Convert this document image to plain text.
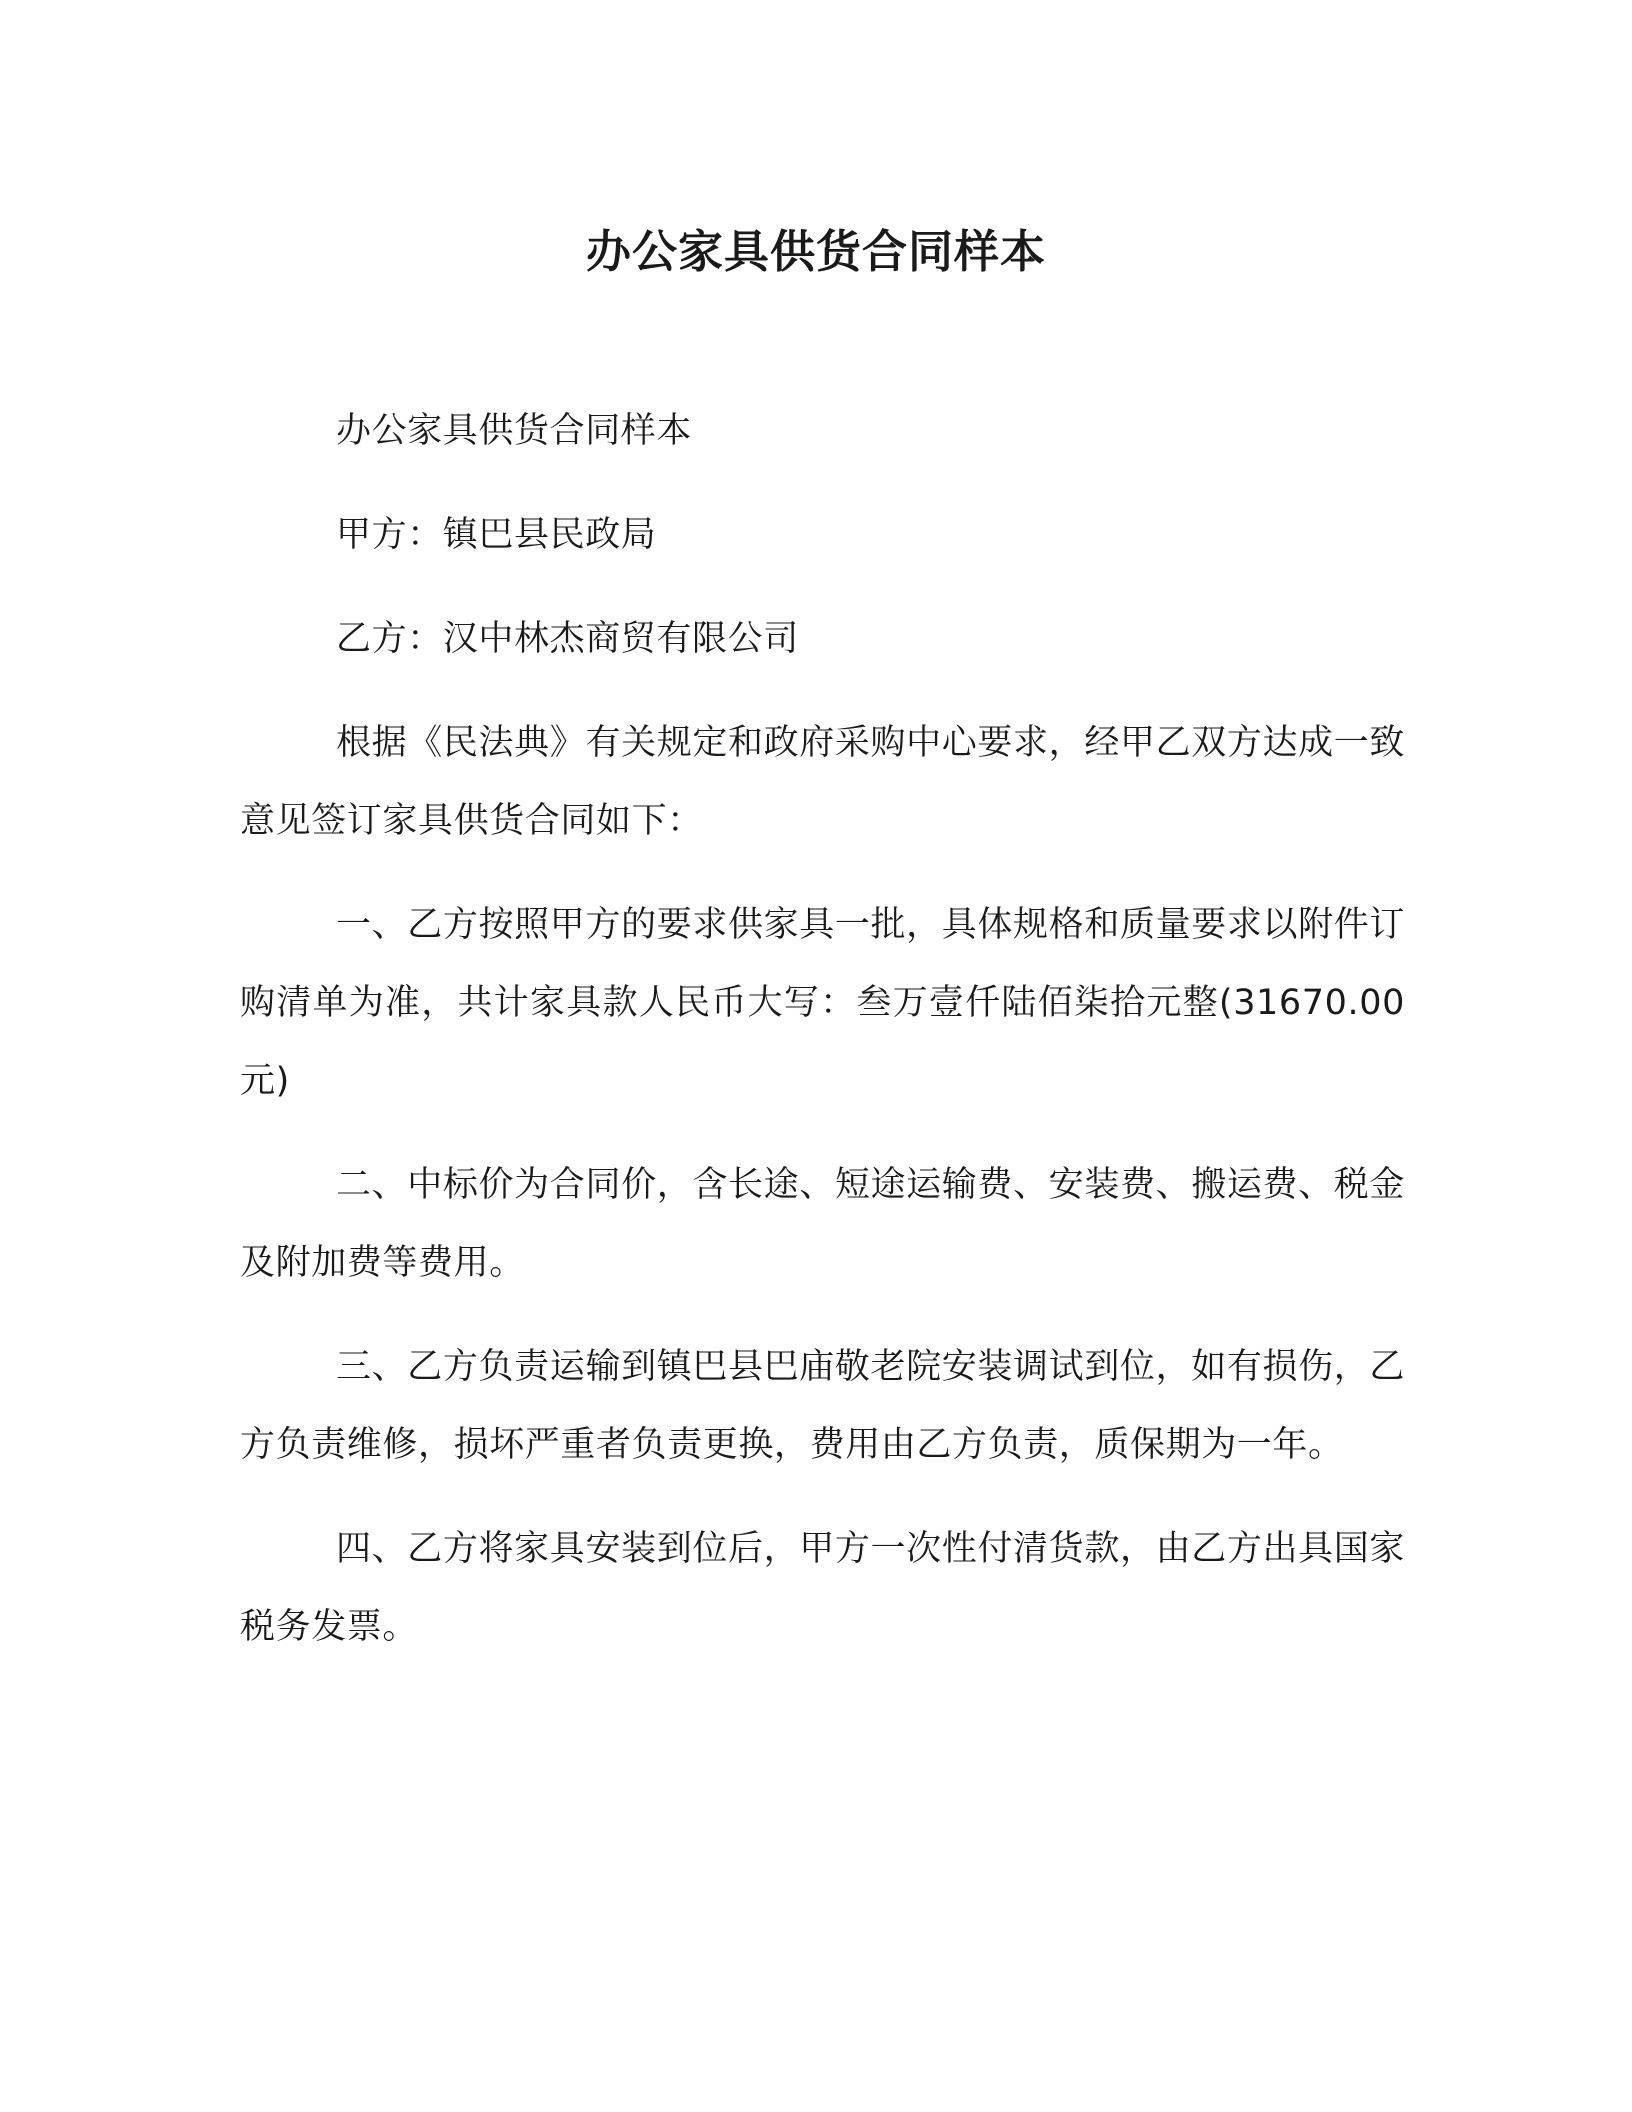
办公家具供货合同样本

办公家具供货合同样本

甲方：镇巴县民政局

乙方：汉中林杰商贸有限公司

根据《民法典》有关规定和政府采购中心要求，经甲乙双方达成一致意见签订家具供货合同如下：

一、乙方按照甲方的要求供家具一批，具体规格和质量要求以附件订购清单为准，共计家具款人民币大写：叁万壹仟陆佰柒拾元整(31670.00 元)

二、中标价为合同价，含长途、短途运输费、安装费、搬运费、税金及附加费等费用。

三、乙方负责运输到镇巴县巴庙敬老院安装调试到位，如有损伤，乙方负责维修，损坏严重者负责更换，费用由乙方负责，质保期为一年。

四、乙方将家具安装到位后，甲方一次性付清货款，由乙方出具国家税务发票。
